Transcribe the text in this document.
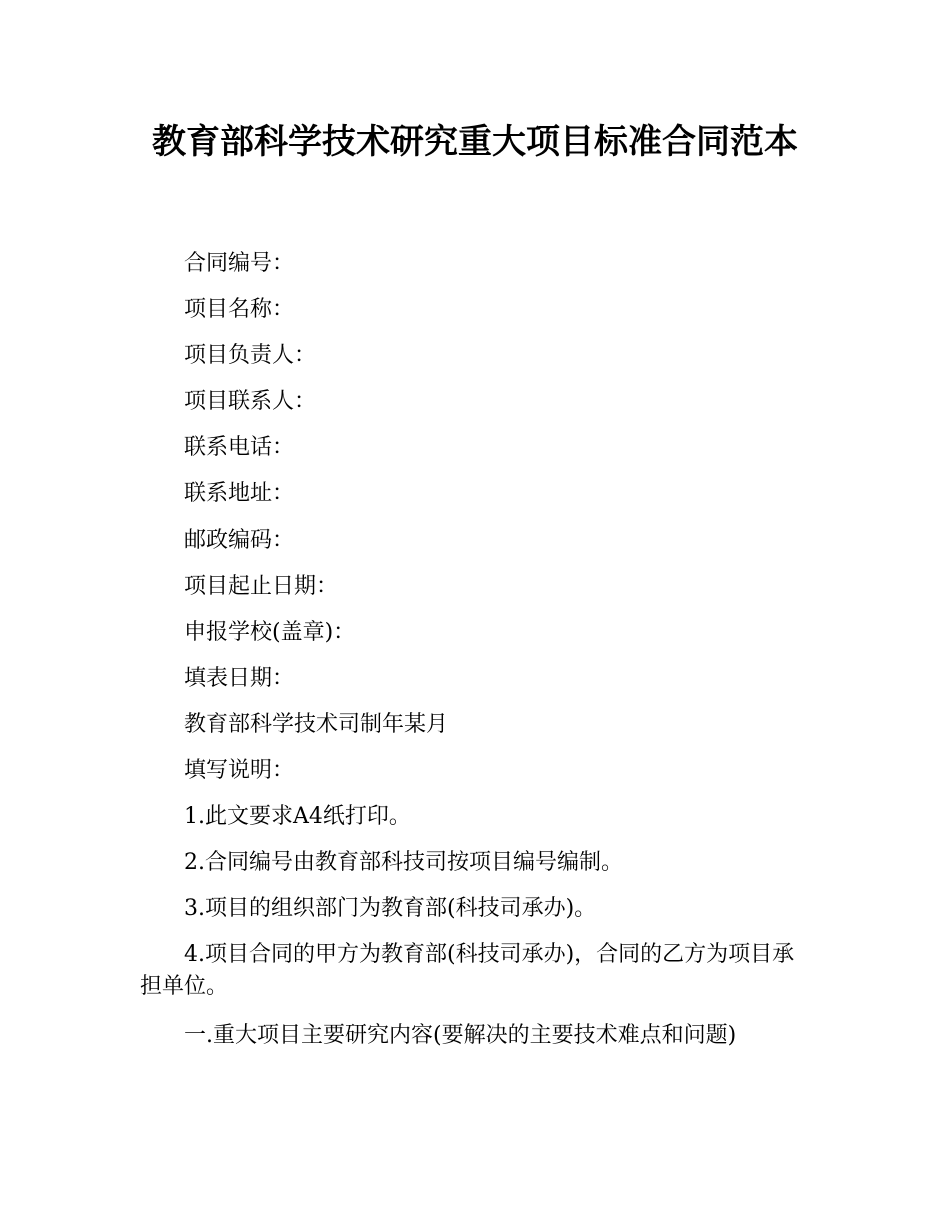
教育部科学技术研究重大项目标准合同范本

合同编号：

项目名称：

项目负责人：

项目联系人：

联系电话：

联系地址：

邮政编码：

项目起止日期：

申报学校(盖章)：

填表日期：

教育部科学技术司制年某月

填写说明：

1.此文要求A4纸打印。

2.合同编号由教育部科技司按项目编号编制。

3.项目的组织部门为教育部(科技司承办)。

4.项目合同的甲方为教育部(科技司承办)，合同的乙方为项目承担单位。

一.重大项目主要研究内容(要解决的主要技术难点和问题)
